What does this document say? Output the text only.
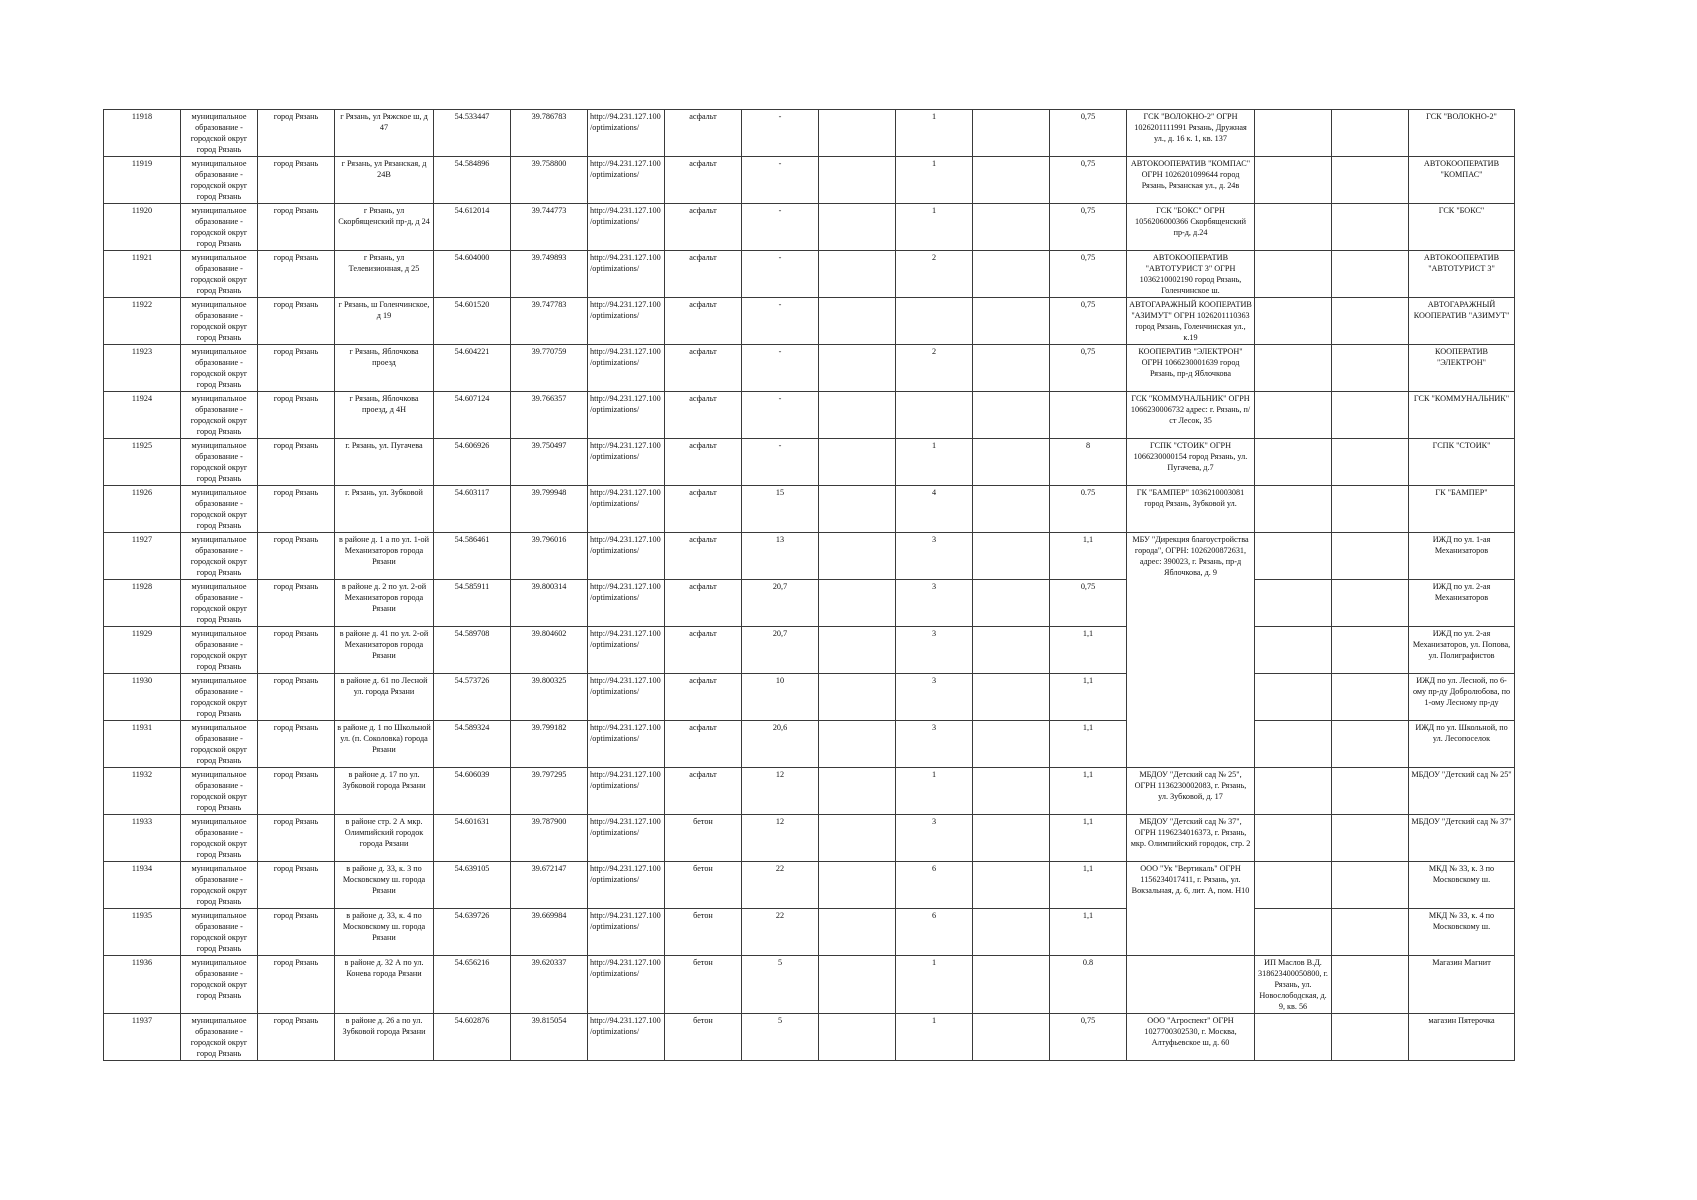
11918	муниципальное образование - городской округ город Рязань	город Рязань	г Рязань, ул Ряжское ш, д 47	54.533447	39.786783	http://94.231.127.100/optimizations/	асфальт	-		1		0,75	ГСК "ВОЛОКНО-2" ОГРН 1026201111991 Рязань, Дружная ул., д. 16 к. 1, кв. 137			ГСК "ВОЛОКНО-2"
11919	муниципальное образование - городской округ город Рязань	город Рязань	г Рязань, ул Рязанская, д 24В	54.584896	39.758800	http://94.231.127.100/optimizations/	асфальт	-		1		0,75	АВТОКООПЕРАТИВ "КОМПАС" ОГРН 1026201099644 город Рязань, Рязанская ул., д. 24в			АВТОКООПЕРАТИВ "КОМПАС"
11920	муниципальное образование - городской округ город Рязань	город Рязань	г Рязань, ул Скорбященский пр-д, д 24	54.612014	39.744773	http://94.231.127.100/optimizations/	асфальт	-		1		0,75	ГСК "БОКС" ОГРН 1056206000366 Скорбященский пр-д, д.24			ГСК "БОКС"
11921	муниципальное образование - городской округ город Рязань	город Рязань	г Рязань, ул Телевизионная, д 25	54.604000	39.749893	http://94.231.127.100/optimizations/	асфальт	-		2		0,75	АВТОКООПЕРАТИВ "АВТОТУРИСТ 3" ОГРН 1036210002190 город Рязань, Голенчинское ш.			АВТОКООПЕРАТИВ "АВТОТУРИСТ 3"
11922	муниципальное образование - городской округ город Рязань	город Рязань	г Рязань, ш Голенчинское, д 19	54.601520	39.747783	http://94.231.127.100/optimizations/	асфальт	-				0,75	АВТОГАРАЖНЫЙ КООПЕРАТИВ "АЗИМУТ" ОГРН 1026201110363 город Рязань, Голенчинская ул., к.19			АВТОГАРАЖНЫЙ КООПЕРАТИВ "АЗИМУТ"
11923	муниципальное образование - городской округ город Рязань	город Рязань	г Рязань, Яблочкова проезд	54.604221	39.770759	http://94.231.127.100/optimizations/	асфальт	-		2		0,75	КООПЕРАТИВ "ЭЛЕКТРОН" ОГРН 1066230001639 город Рязань, пр-д Яблочкова			КООПЕРАТИВ "ЭЛЕКТРОН"
11924	муниципальное образование - городской округ город Рязань	город Рязань	г Рязань, Яблочкова проезд, д 4Н	54.607124	39.766357	http://94.231.127.100/optimizations/	асфальт	-					ГСК "КОММУНАЛЬНИК" ОГРН 1066230006732 адрес: г. Рязань, п/ст Лесок, 35			ГСК "КОММУНАЛЬНИК"
11925	муниципальное образование - городской округ город Рязань	город Рязань	г. Рязань, ул. Пугачева	54.606926	39.750497	http://94.231.127.100/optimizations/	асфальт	-		1		8	ГСПК "СТОИК" ОГРН 1066230000154 город Рязань, ул. Пугачева, д.7			ГСПК "СТОИК"
11926	муниципальное образование - городской округ город Рязань	город Рязань	г. Рязань, ул. Зубковой	54.603117	39.799948	http://94.231.127.100/optimizations/	асфальт	15		4		0.75	ГК "БАМПЕР" 1036210003081 город Рязань, Зубковой ул.			ГК "БАМПЕР"
11927	муниципальное образование - городской округ город Рязань	город Рязань	в районе д. 1 а по ул. 1-ой Механизаторов города Рязани	54.586461	39.796016	http://94.231.127.100/optimizations/	асфальт	13		3		1,1	МБУ "Дирекция благоустройства города", ОГРН: 1026200872631, адрес: 390023, г. Рязань, пр-д Яблочкова, д. 9			ИЖД по ул. 1-ая Механизаторов
11928	муниципальное образование - городской округ город Рязань	город Рязань	в районе д. 2 по ул. 2-ой Механизаторов города Рязани	54.585911	39.800314	http://94.231.127.100/optimizations/	асфальт	20,7		3		0,75				ИЖД по ул. 2-ая Механизаторов
11929	муниципальное образование - городской округ город Рязань	город Рязань	в районе д. 41 по ул. 2-ой Механизаторов города Рязани	54.589708	39.804602	http://94.231.127.100/optimizations/	асфальт	20,7		3		1,1				ИЖД по ул. 2-ая Механизаторов, ул. Попова, ул. Полиграфистов
11930	муниципальное образование - городской округ город Рязань	город Рязань	в районе д. 61 по Лесной ул. города Рязани	54.573726	39.800325	http://94.231.127.100/optimizations/	асфальт	10		3		1,1				ИЖД по ул. Лесной, по 6-ому пр-ду Добролюбова, по 1-ому Лесному пр-ду
11931	муниципальное образование - городской округ город Рязань	город Рязань	в районе д. 1 по Школьной ул. (п. Соколовка) города Рязани	54.589324	39.799182	http://94.231.127.100/optimizations/	асфальт	20,6		3		1,1				ИЖД по ул. Школьной, по ул. Лесопоселок
11932	муниципальное образование - городской округ город Рязань	город Рязань	в районе д. 17 по ул. Зубковой города Рязани	54.606039	39.797295	http://94.231.127.100/optimizations/	асфальт	12		1		1,1	МБДОУ "Детский сад № 25", ОГРН 1136230002083, г. Рязань, ул. Зубковой, д. 17			МБДОУ "Детский сад № 25"
11933	муниципальное образование - городской округ город Рязань	город Рязань	в районе стр. 2 А мкр. Олимпийский городок города Рязани	54.601631	39.787900	http://94.231.127.100/optimizations/	бетон	12		3		1,1	МБДОУ "Детский сад № 37", ОГРН 1196234016373, г. Рязань, мкр. Олимпийский городок, стр. 2			МБДОУ "Детский сад № 37"
11934	муниципальное образование - городской округ город Рязань	город Рязань	в районе д. 33, к. 3 по Московскому ш. города Рязани	54.639105	39.672147	http://94.231.127.100/optimizations/	бетон	22		6		1,1	ООО "Ук "Вертикаль" ОГРН 1156234017411, г. Рязань, ул. Вокзальная, д. 6, лит. А, пом. Н10			МКД № 33, к. 3 по Московскому ш.
11935	муниципальное образование - городской округ город Рязань	город Рязань	в районе д. 33, к. 4 по Московскому ш. города Рязани	54.639726	39.669984	http://94.231.127.100/optimizations/	бетон	22		6		1,1				МКД № 33, к. 4 по Московскому ш.
11936	муниципальное образование - городской округ город Рязань	город Рязань	в районе д. 32 А по ул. Конева города Рязани	54.656216	39.620337	http://94.231.127.100/optimizations/	бетон	5		1		0.8		ИП Маслов В.Д. 318623400050800, г. Рязань, ул. Новослободская, д. 9, кв. 56		Магазин Магнит
11937	муниципальное образование - городской округ город Рязань	город Рязань	в районе д. 26 а по ул. Зубковой города Рязани	54.602876	39.815054	http://94.231.127.100/optimizations/	бетон	5		1		0,75	ООО "Агроспект" ОГРН 1027700302530, г. Москва, Алтуфьевское ш, д. 60			магазин Пятерочка
